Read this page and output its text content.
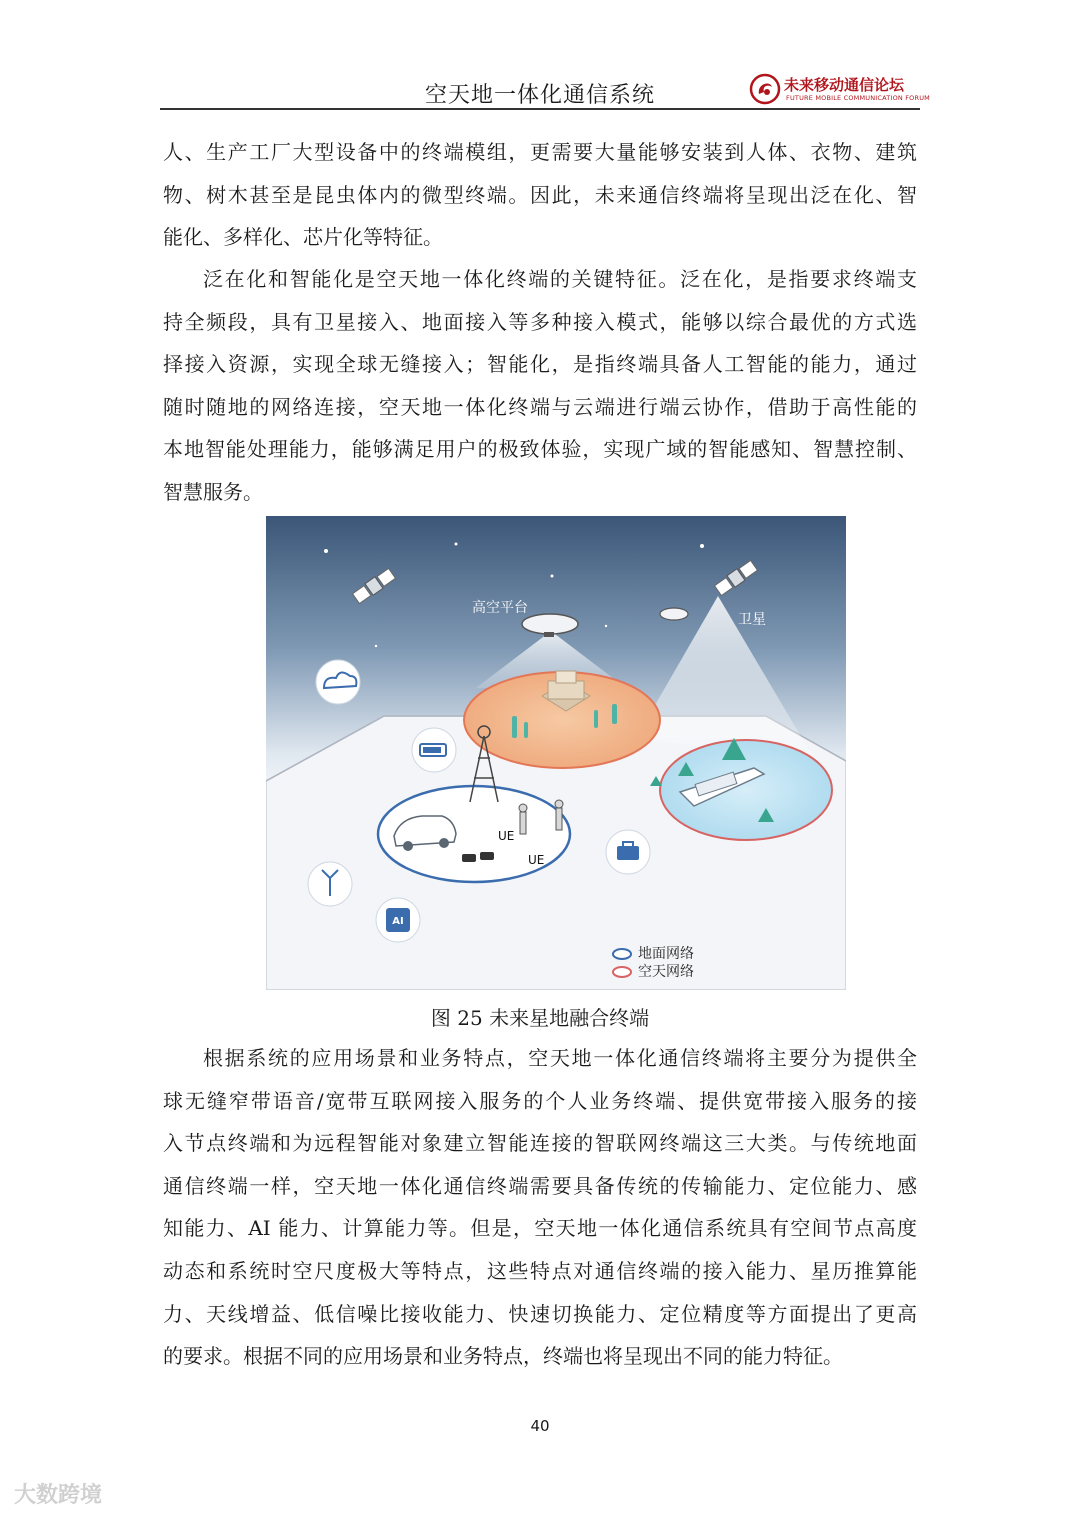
空天地一体化通信系统	未来移动通信论坛
FUTURE MOBILE COMMUNICATION FORUM
人、生产工厂大型设备中的终端模组，更需要大量能够安装到人体、衣物、建筑
物、树木甚至是昆虫体内的微型终端。因此，未来通信终端将呈现出泛在化、智
能化、多样化、芯片化等特征。
泛在化和智能化是空天地一体化终端的关键特征。泛在化，是指要求终端支
持全频段，具有卫星接入、地面接入等多种接入模式，能够以综合最优的方式选
择接入资源，实现全球无缝接入；智能化，是指终端具备人工智能的能力，通过
随时随地的网络连接，空天地一体化终端与云端进行端云协作，借助于高性能的
本地智能处理能力，能够满足用户的极致体验，实现广域的智能感知、智慧控制、
智慧服务。
UE
UE
高空平台
卫星
AI
地面网络
空天网络
图 25 未来星地融合终端
根据系统的应用场景和业务特点，空天地一体化通信终端将主要分为提供全
球无缝窄带语音/宽带互联网接入服务的个人业务终端、提供宽带接入服务的接
入节点终端和为远程智能对象建立智能连接的智联网终端这三大类。与传统地面
通信终端一样，空天地一体化通信终端需要具备传统的传输能力、定位能力、感
知能力、AI 能力、计算能力等。但是，空天地一体化通信系统具有空间节点高度
动态和系统时空尺度极大等特点，这些特点对通信终端的接入能力、星历推算能
力、天线增益、低信噪比接收能力、快速切换能力、定位精度等方面提出了更高
的要求。根据不同的应用场景和业务特点，终端也将呈现出不同的能力特征。
40
大数跨境
